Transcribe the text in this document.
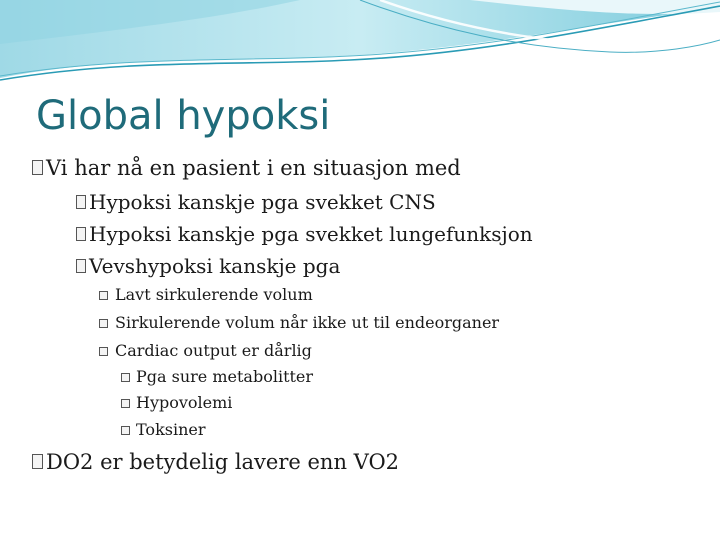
Global hypoksi
Vi har nå en pasient i en situasjon med
Hypoksi kanskje pga svekket CNS
Hypoksi kanskje pga svekket lungefunksjon
Vevshypoksi kanskje pga
Lavt sirkulerende volum
Sirkulerende volum når ikke ut til endeorganer
Cardiac output er dårlig
Pga sure metabolitter
Hypovolemi
Toksiner
DO2 er betydelig lavere enn VO2
